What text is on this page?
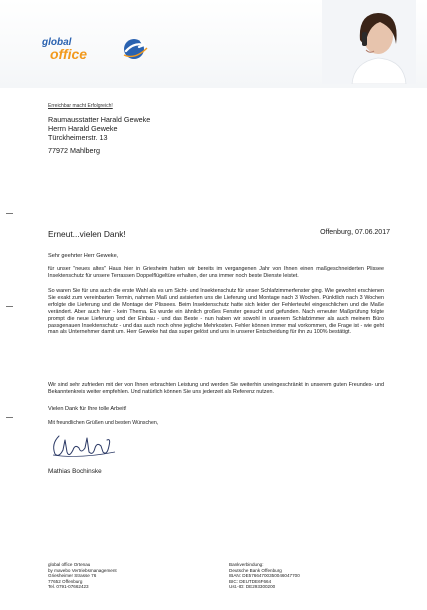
global
office
Erreichbar macht Erfolgreich!
Raumausstatter Harald Geweke
Herrn Harald Geweke
Türckheimerstr. 13
77972 Mahlberg
Erneut...vielen Dank!	Offenburg, 07.06.2017
Sehr geehrter Herr Geweke,
für unser "neues altes" Haus hier in Griesheim hatten wir bereits im vergangenen Jahr von Ihnen einen maßgeschneiderten Plissee Insektenschutz für unsere Terrassen Doppelflügeltüre erhalten, der uns immer noch beste Dienste leistet.
So waren Sie für uns auch die erste Wahl als es um Sicht- und Insektenschutz für unser Schlafzimmerfenster ging. Wie gewohnt erschienen Sie exakt zum vereinbarten Termin, nahmen Maß und avisierten uns die Lieferung und Montage nach 3 Wochen. Pünktlich nach 3 Wochen erfolgte die Lieferung und die Montage der Plissees. Beim Insektenschutz hatte sich leider der Fehlerteufel eingeschlichen und die Maße verändert. Aber auch hier - kein Thema. Es wurde ein ähnlich großes Fenster gesucht und gefunden. Nach erneuter Maßprüfung folgte prompt die neue Lieferung und der Einbau - und das Beste - nun haben wir sowohl in unserem Schlafzimmer als auch meinem Büro passgenauen Insektenschutz - und das auch noch ohne jegliche Mehrkosten. Fehler können immer mal vorkommen, die Frage ist - wie geht man als Unternehmer damit um. Herr Geweke hat das super gelöst und uns in unserer Entscheidung für ihn zu 100% bestätigt.
Wir sind sehr zufrieden mit der von Ihnen erbrachten Leistung und werden Sie weiterhin uneingeschränkt in unserem guten Freundes- und Bekanntenkreis weiter empfehlen. Und natürlich können Sie uns jederzeit als Referenz nutzen.
Vielen Dank für Ihre tolle Arbeit!
Mit freundlichen Grüßen und besten Wünschen,
Mathias Bochinske
global office Ortenau
by mavebo Vertriebsmanagement
Griesheimer Strasse 76
77652 Offenburg
Tel. 0791-07662423
Bankverbindung:
Deutsche Bank Offenburg
IBAN: DE57664700350046047700
BIC: DEUTDE6F664
Ust.-ID: DE293300200
